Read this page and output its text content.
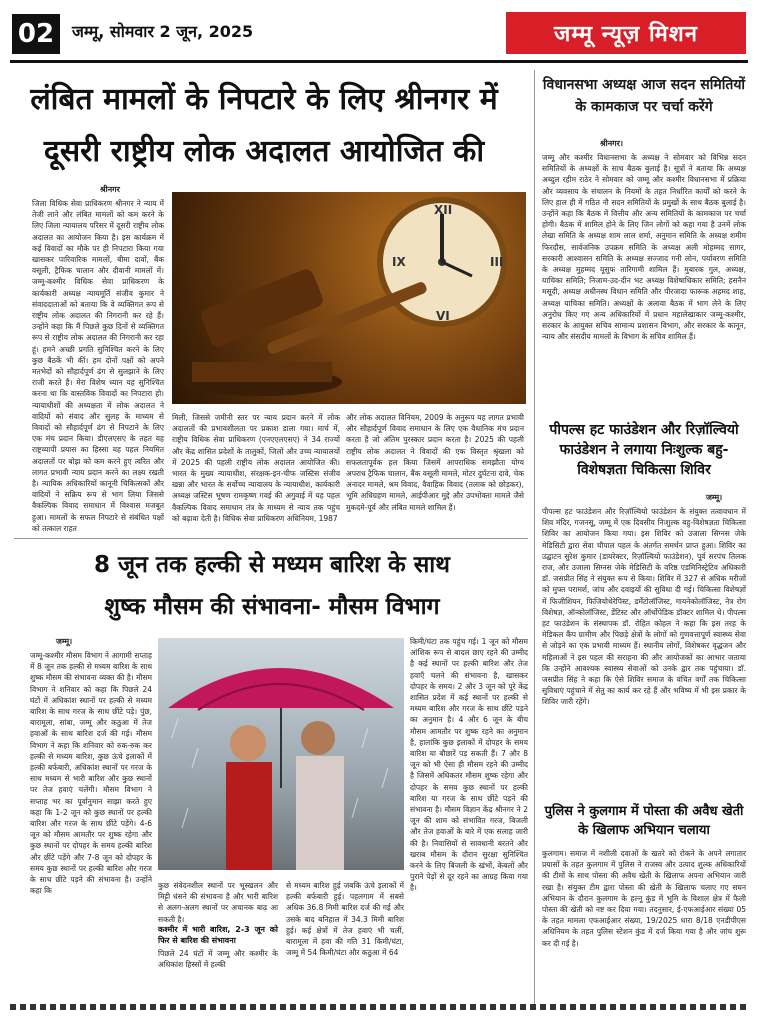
02	जम्मू, सोमवार 2 जून, 2025	जम्मू न्यूज़ मिशन
लंबित मामलों के निपटारे के लिए श्रीनगर में
दूसरी राष्ट्रीय लोक अदालत आयोजित की
श्रीनगर
जिला विधिक सेवा प्राधिकरण श्रीनगर ने न्याय में तेजी लाने और लंबित मामलों को कम करने के लिए जिला न्यायालय परिसर में दूसरी राष्ट्रीय लोक अदालत का आयोजन किया है। इस कार्यक्रम में कई विवादों का मौके पर ही निपटारा किया गया खासकर पारिवारिक मामलों, बीमा दावों, बैंक वसूली, ट्रैफिक चालान और दीवानी मामलों में। जम्मू-कश्मीर विधिक सेवा प्राधिकरण के कार्यकारी अध्यक्ष न्यायमूर्ति संजीव कुमार ने संवाददाताओं को बताया कि वे व्यक्तिगत रूप से राष्ट्रीय लोक अदालत की निगरानी कर रहे हैं। उन्होंने कहा कि मैं पिछले कुछ दिनों से व्यक्तिगत रूप से राष्ट्रीय लोक अदालत की निगरानी कर रहा हूं। हमने अच्छी प्रगति सुनिश्चित करने के लिए कुछ बैठकें भी कीं। हम दोनों पक्षों को अपने मतभेदों को सौहार्दपूर्ण ढंग से सुलझाने के लिए राजी करते हैं। मेरा विशेष ध्यान यह सुनिश्चित करना था कि वास्तविक विवादों का निपटारा हो। न्यायाधीशों की अध्यक्षता में लोक अदालत ने वादियों को संवाद और सुलह के माध्यम से विवादों को सौहार्दपूर्ण ढंग से निपटाने के लिए एक मंच प्रदान किया। डीएलएसए के तहत यह राष्ट्रव्यापी प्रयास का हिस्सा यह पहल नियमित अदालतों पर बोझ को कम करने हुए त्वरित और लागत प्रभावी न्याय प्रदान करने का लक्ष्य रखती है। न्यायिक अधिकारियों कानूनी चिकित्सकों और वादियों ने सक्रिय रूप से भाग लिया जिससे वैकल्पिक विवाद समाधान में विश्वास मजबूत हुआ। मामलों के सफल निपटारे से संबंधित पक्षों को तत्काल राहत
XII
III
VI
IX
मिली, जिससे जमीनी स्तर पर न्याय प्रदान करने में लोक अदालतों की प्रभावशीलता पर प्रकाश डाला गया। मार्च में, राष्ट्रीय विधिक सेवा प्राधिकरण (एनएएलएसए) ने 34 राज्यों और केंद्र शासित प्रदेशों के तालुकों, जिलों और उच्च न्यायालयों में 2025 की पहली राष्ट्रीय लोक अदालत आयोजित की। भारत के मुख्य न्यायाधीश, संरक्षक-इन-चीफ जस्टिस संजीव खन्ना और भारत के सर्वोच्च न्यायालय के न्यायाधीश, कार्यकारी अध्यक्ष जस्टिस भूषण रामकृष्ण गवई की अगुवाई में यह पहल वैकल्पिक विवाद समाधान तंत्र के माध्यम से न्याय तक पहुंच को बढ़ावा देती है। विधिक सेवा प्राधिकरण अधिनियम, 1987
और लोक अदालत विनियम, 2009 के अनुरूप यह लागत प्रभावी और सौहार्दपूर्ण विवाद समाधान के लिए एक वैधानिक मंच प्रदान करता है जो अंतिम पुरस्कार प्रदान करता है। 2025 की पहली राष्ट्रीय लोक अदालत ने विवादों की एक विस्तृत श्रृंखला को सफलतापूर्वक हल किया जिसमें आपराधिक समझौता योग्य अपराध ट्रैफिक चालान, बैंक वसूली मामले, मोटर दुर्घटना दावे, चेक अनादर मामले, श्रम विवाद, वैवाहिक विवाद (तलाक को छोड़कर), भूमि अधिग्रहण मामले, आईपीआर मुद्दे और उपभोक्ता मामले जैसे मुकदमे-पूर्व और लंबित मामले शामिल हैं।
8 जून तक हल्की से मध्यम बारिश के साथ
शुष्क मौसम की संभावना- मौसम विभाग
जम्मू।
जम्मू-कश्मीर मौसम विभाग ने आगामी सप्ताह में 8 जून तक हल्की से मध्यम बारिश के साथ शुष्क मौसम की संभावना व्यक्त की है। मौसम विभाग ने शनिवार को कहा कि पिछले 24 घंटों में अधिकांश स्थानों पर हल्की से मध्यम बारिश के साथ गरज के साथ छींटे पड़े। पुंछ, बारामूला, सांबा, जम्मू और कठुआ में तेज हवाओं के साथ बारिश दर्ज की गई। मौसम विभाग ने कहा कि शनिवार को रुक-रुक कर हल्की से मध्यम बारिश, कुछ ऊंचे इलाकों में हल्की बर्फबारी, अधिकांश स्थानों पर गरज के साथ मध्यम से भारी बारिश और कुछ स्थानों पर तेज हवाएं चलेंगी। मौसम विभाग ने सप्ताह भर का पूर्वानुमान साझा करते हुए कहा कि 1-2 जून को कुछ स्थानों पर हल्की बारिश और गरज के साथ छींटे पड़ेंगे। 4-6 जून को मौसम आमतौर पर शुष्क रहेगा और कुछ स्थानों पर दोपहर के समय हल्की बारिश और छींटे पड़ेंगे और 7-8 जून को दोपहर के समय कुछ स्थानों पर हल्की बारिश और गरज के साथ छींटे पड़ने की संभावना है। उन्होंने कहा कि
कुछ संवेदनशील स्थानों पर भूस्खलन और मिट्टी धंसने की संभावना है और भारी बारिश से अलग-अलग स्थानों पर अचानक बाढ़ आ सकती है।
कश्मीर में भारी बारिश, 2-3 जून को फिर से बारिश की संभावना
पिछले 24 घंटों में जम्मू और कश्मीर के अधिकांश हिस्सों में हल्की
से मध्यम बारिश हुई जबकि ऊंचे इलाकों में हल्की बर्फबारी हुई। पहलगाम में सबसे अधिक 36.8 मिमी बारिश दर्ज की गई और उसके बाद बनिहाल में 34.3 मिमी बारिश हुई। कई क्षेत्रों में तेज हवाएं भी चलीं, बारामूला में हवा की गति 31 किमी/घंटा, जम्मू में 54 किमी/घंटा और कठुआ में 64
किमी/घंटा तक पहुंच गई। 1 जून को मौसम आंशिक रूप से बादल छाए रहने की उम्मीद है कई स्थानों पर हल्की बारिश और तेज हवाएँ चलने की संभावना है, खासकर दोपहर के समय। 2 और 3 जून को पूरे केंद्र शासित प्रदेश में कई स्थानों पर हल्की से मध्यम बारिश और गरज के साथ छींटे पड़ने का अनुमान है। 4 और 6 जून के बीच मौसम आमतौर पर शुष्क रहने का अनुमान है, हालांकि कुछ इलाकों में दोपहर के समय बारिश या बौछारें पड़ सकती हैं। 7 और 8 जून को भी ऐसा ही मौसम रहने की उम्मीद है जिसमें अधिकतर मौसम शुष्क रहेगा और दोपहर के समय कुछ स्थानों पर हल्की बारिश या गरज के साथ छींटे पड़ने की संभावना है। मौसम विज्ञान केंद्र श्रीनगर ने 2 जून की शाम को संभावित गरज, बिजली और तेज हवाओं के बारे में एक सलाह जारी की है। निवासियों से सावधानी बरतने और खराब मौसम के दौरान सुरक्षा सुनिश्चित करने के लिए बिजली के खंभों, केबलों और पुराने पेड़ों से दूर रहने का आग्रह किया गया है।
विधानसभा अध्यक्ष आज सदन समितियों के कामकाज पर चर्चा करेंगे
श्रीनगर।
जम्मू और कश्मीर विधानसभा के अध्यक्ष ने सोमवार को विभिन्न सदन समितियों के अध्यक्षों के साथ बैठक बुलाई है। सूत्रों ने बताया कि अध्यक्ष अब्दुल रहीम राठेर ने सोमवार को जम्मू और कश्मीर विधानसभा में प्रक्रिया और व्यवसाय के संचालन के नियमों के तहत निर्धारित कार्यों को करने के लिए हाल ही में गठित नौ सदन समितियों के प्रमुखों के साथ बैठक बुलाई है। उन्होंने कहा कि बैठक में वित्तीय और अन्य समितियों के कामकाज पर चर्चा होगी। बैठक में शामिल होने के लिए जिन लोगों को कहा गया है उनमें लोक लेखा समिति के अध्यक्ष शाम लाल शर्मा, अनुमान समिति के अध्यक्ष शमीम फिरदौस, सार्वजनिक उपक्रम समिति के अध्यक्ष अली मोहम्मद सागर, सरकारी आश्वासन समिति के अध्यक्ष सज्जाद गनी लोन, पर्यावरण समिति के अध्यक्ष मुहम्मद यूसुफ तारिगामी शामिल हैं। मुबारक गुल, अध्यक्ष, याचिका समिति; निजाम-उद-दीन भट अध्यक्ष विशेषाधिकार समिति; हसनैन मसूदी, अध्यक्ष अधीनस्थ विधान समिति और पीरजादा फारूक अहमद शाह, अध्यक्ष याचिका समिति। अध्यक्षों के अलावा बैठक में भाग लेने के लिए अनुरोध किए गए अन्य अधिकारियों में प्रधान महालेखाकार जम्मू-कश्मीर, सरकार के आयुक्त सचिव सामान्य प्रशासन विभाग, और सरकार के कानून, न्याय और संसदीय मामलों के विभाग के सचिव शामिल हैं।
पीपल्स हट फाउंडेशन और रिज़ॉल्वियो फाउंडेशन ने लगाया निःशुल्क बहु-विशेषज्ञता चिकित्सा शिविर
जम्मू।
पीपल्स हट फाउंडेशन और रिज़ॉल्वियो फाउंडेशन के संयुक्त तत्वावधान में शिव मंदिर, गजनसू, जम्मू में एक दिवसीय निःशुल्क बहु-विशेषज्ञता चिकित्सा शिविर का आयोजन किया गया। इस शिविर को उजाला सिग्नस जेके मेडिसिटी द्वारा सेवा चौपाल पहल के अंतर्गत समर्थन प्राप्त हुआ। शिविर का उद्घाटन सुरेश कुमार (डायरेक्टर, रिज़ॉल्वियो फाउंडेशन), पूर्व सरपंच तिलक राज, और उजाला सिग्नस जेके मेडिसिटी के वरिष्ठ एडमिनिस्ट्रेटिव अधिकारी डॉ. जसप्रीत सिंह ने संयुक्त रूप से किया। शिविर में 327 से अधिक मरीजों को मुफ्त परामर्श, जांच और दवाइयों की सुविधा दी गई। चिकित्सा विशेषज्ञों में फिजीशियन, फिजियोथेरेपिस्ट, डर्मेटोलॉजिस्ट, गायनेकोलॉजिस्ट, नेत्र रोग विशेषज्ञ, ऑन्कोलॉजिस्ट, डेंटिस्ट और ऑर्थोपेडिक डॉक्टर शामिल थे। पीपल्स हट फाउंडेशन के संस्थापक डॉ. रोहित कोहल ने कहा कि इस तरह के मेडिकल कैंप ग्रामीण और पिछड़े क्षेत्रों के लोगों को गुणवत्तापूर्ण स्वास्थ्य सेवा से जोड़ने का एक प्रभावी माध्यम हैं। स्थानीय लोगों, विशेषकर वृद्धजन और महिलाओं ने इस पहल की सराहना की और आयोजकों का आभार जताया कि उन्होंने आवश्यक स्वास्थ्य सेवाओं को उनके द्वार तक पहुंचाया। डॉ. जसप्रीत सिंह ने कहा कि ऐसे शिविर समाज के वंचित वर्गों तक चिकित्सा सुविधाएं पहुंचाने में सेतु का कार्य कर रहे हैं और भविष्य में भी इस प्रकार के शिविर जारी रहेंगे।
पुलिस ने कुलगाम में पोस्ता की अवैध खेती के खिलाफ अभियान चलाया
कुलगाम। समाज में नशीली दवाओं के खतरे को रोकने के अपने लगातार प्रयासों के तहत कुलगाम में पुलिस ने राजस्व और उत्पाद शुल्क अधिकारियों की टीमों के साथ पोस्ता की अवैध खेती के खिलाफ अपना अभियान जारी रखा है। संयुक्त टीम द्वारा पोस्ता की खेती के खिलाफ चलाए गए सघन अभियान के दौरान कुलगाम के हल्नू कुंड में भूमि के विशाल क्षेत्र में फैली पोस्ता की खेती को नष्ट कर दिया गया। तदनुसार, ई-एफआईआर संख्या 05 के तहत मामला एफआईआर संख्या, 19/2025 धारा 8/18 एनडीपीएस अधिनियम के तहत पुलिस स्टेशन कुंड में दर्ज किया गया है और जांच शुरू कर दी गई है।
